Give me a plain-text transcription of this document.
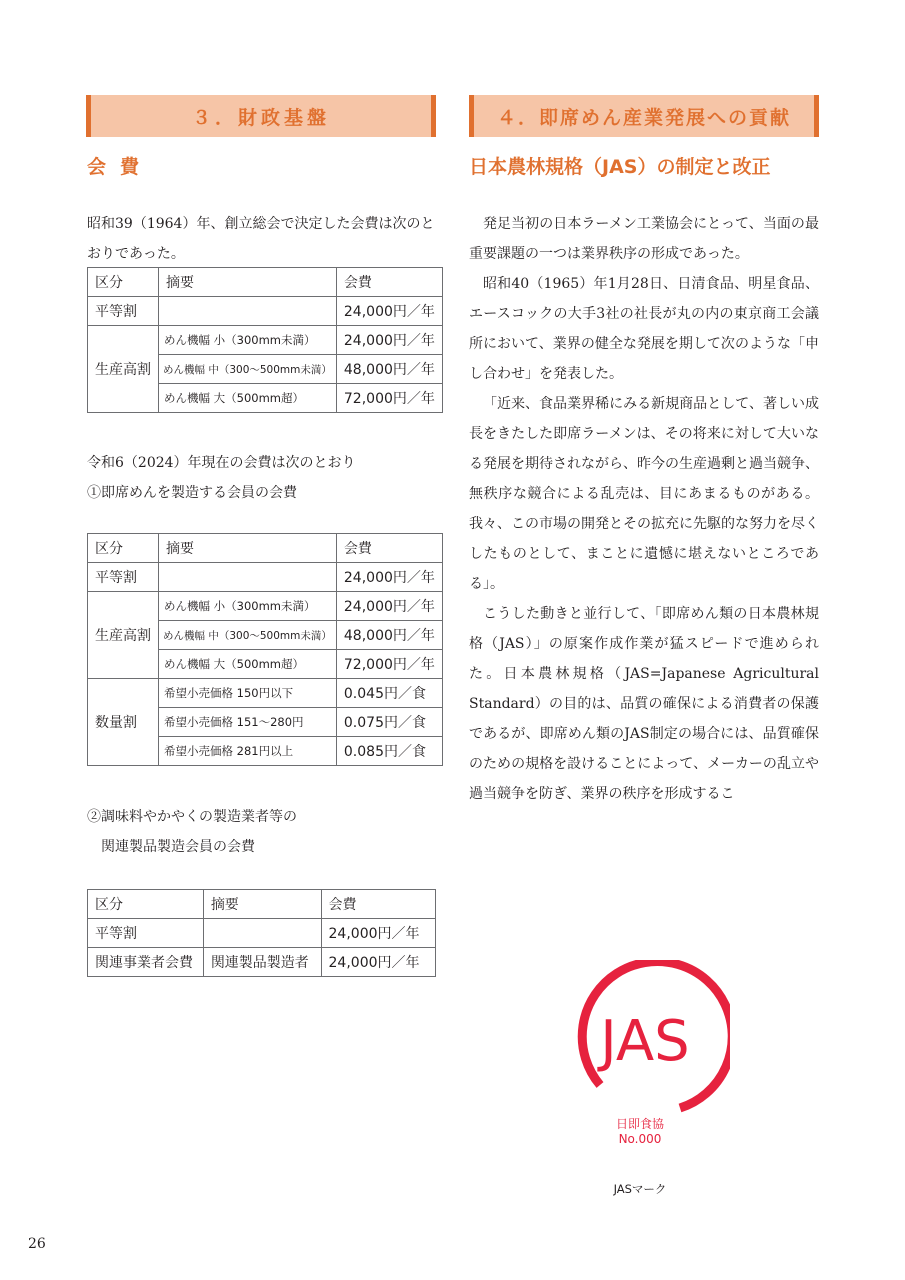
３．財政基盤	４．即席めん産業発展への貢献
会費	日本農林規格（JAS）の制定と改正

昭和39（1964）年、創立総会で決定した会費は次のとおりであった。

区分	摘要	会費
平等割		24,000円／年
生産高割	めん機幅 小（300mm未満）	24,000円／年
	めん機幅 中（300～500mm未満）	48,000円／年
	めん機幅 大（500mm超）	72,000円／年
令和6（2024）年現在の会費は次のとおり
①即席めんを製造する会員の会費
区分	摘要	会費
平等割		24,000円／年
生産高割	めん機幅 小（300mm未満）	24,000円／年
	めん機幅 中（300～500mm未満）	48,000円／年
	めん機幅 大（500mm超）	72,000円／年
数量割	希望小売価格 150円以下	0.045円／食
	希望小売価格 151～280円	0.075円／食
	希望小売価格 281円以上	0.085円／食
②調味料やかやくの製造業者等の
関連製品製造会員の会費
区分	摘要	会費
平等割		24,000円／年
関連事業者会費	関連製品製造者	24,000円／年

発足当初の日本ラーメン工業協会にとって、当面の最重要課題の一つは業界秩序の形成であった。

昭和40（1965）年1月28日、日清食品、明星食品、エースコックの大手3社の社長が丸の内の東京商工会議所において、業界の健全な発展を期して次のような「申し合わせ」を発表した。

「近来、食品業界稀にみる新規商品として、著しい成長をきたした即席ラーメンは、その将来に対して大いなる発展を期待されながら、昨今の生産過剰と過当競争、無秩序な競合による乱売は、目にあまるものがある。我々、この市場の開発とその拡充に先駆的な努力を尽くしたものとして、まことに遺憾に堪えないところである」。

こうした動きと並行して、「即席めん類の日本農林規格（JAS）」の原案作成作業が猛スピードで進められた。日本農林規格（JAS=Japanese Agricultural Standard）の目的は、品質の確保による消費者の保護であるが、即席めん類のJAS制定の場合には、品質確保のための規格を設けることによって、メーカーの乱立や過当競争を防ぎ、業界の秩序を形成するこ

JAS
日即食協
No.000
JASマーク
26
